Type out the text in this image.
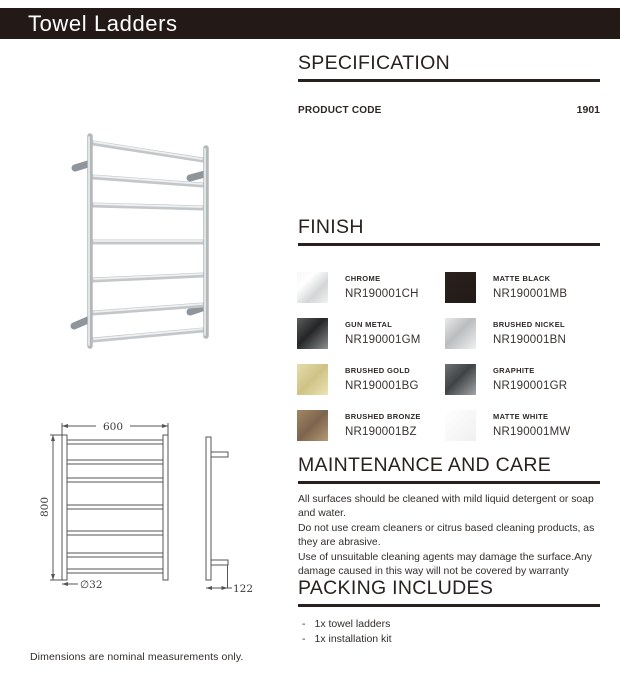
Towel Ladders
600
800
∅32	122
SPECIFICATION
PRODUCT CODE	1901
FINISH
CHROME
NR190001CH
MATTE BLACK
NR190001MB
GUN METAL
NR190001GM
BRUSHED NICKEL
NR190001BN
BRUSHED GOLD
NR190001BG
GRAPHITE
NR190001GR
BRUSHED BRONZE
NR190001BZ
MATTE WHITE
NR190001MW
MAINTENANCE AND CARE

All surfaces should be cleaned with mild liquid detergent or soap and water.

Do not use cream cleaners or citrus based cleaning products, as they are abrasive.

Use of unsuitable cleaning agents may damage the surface.Any damage caused in this way will not be covered by warranty

PACKING INCLUDES
- 1x towel ladders
- 1x installation kit
Dimensions are nominal measurements only.
